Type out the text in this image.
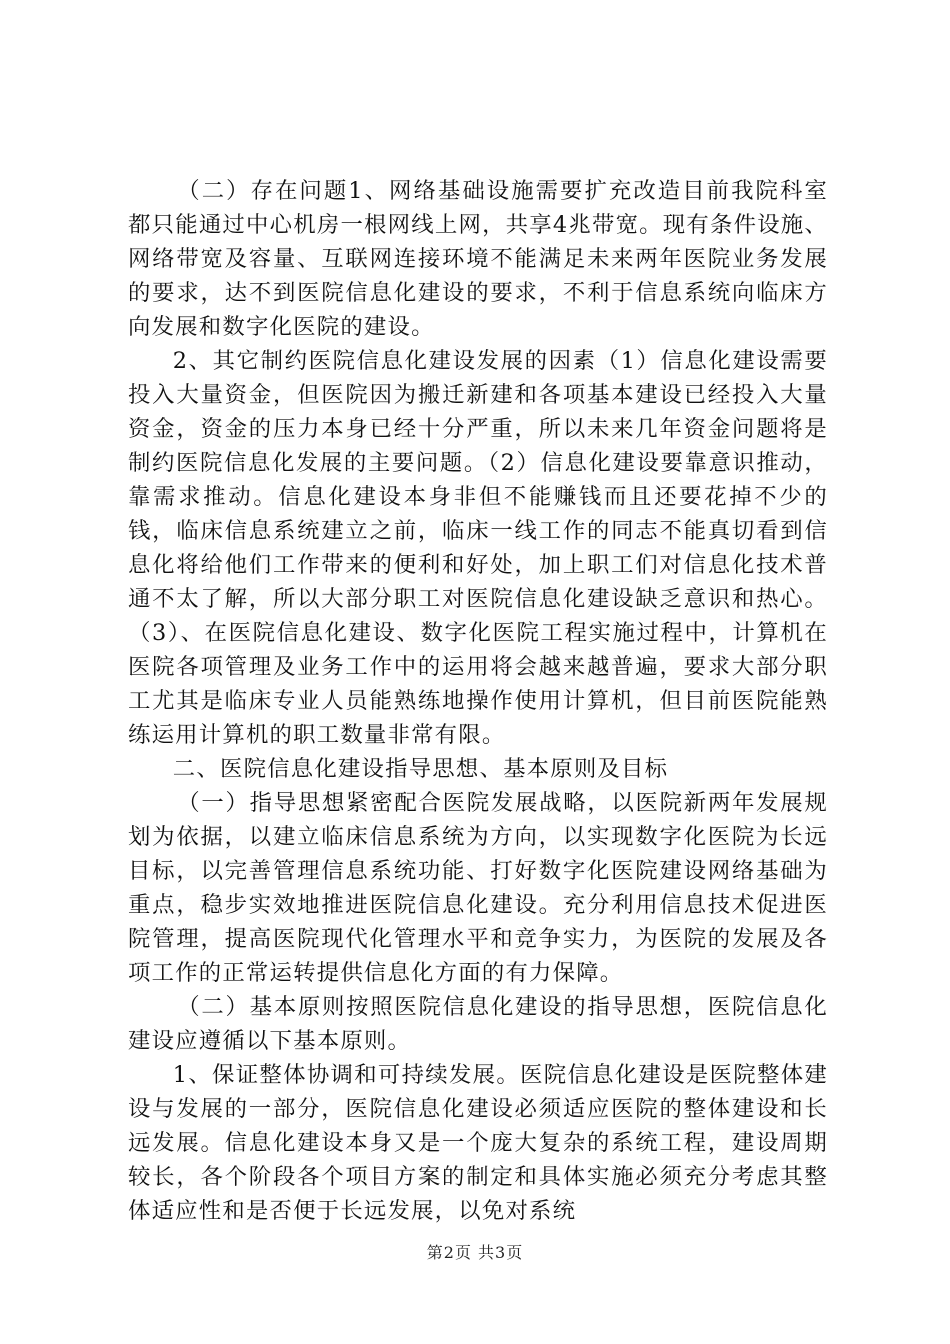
（二）存在问题1、网络基础设施需要扩充改造目前我院科室都只能通过中心机房一根网线上网，共享4兆带宽。现有条件设施、网络带宽及容量、互联网连接环境不能满足未来两年医院业务发展的要求，达不到医院信息化建设的要求，不利于信息系统向临床方向发展和数字化医院的建设。

2、其它制约医院信息化建设发展的因素（1）信息化建设需要投入大量资金，但医院因为搬迁新建和各项基本建设已经投入大量资金，资金的压力本身已经十分严重，所以未来几年资金问题将是制约医院信息化发展的主要问题。（2）信息化建设要靠意识推动，靠需求推动。信息化建设本身非但不能赚钱而且还要花掉不少的钱，临床信息系统建立之前，临床一线工作的同志不能真切看到信息化将给他们工作带来的便利和好处，加上职工们对信息化技术普通不太了解，所以大部分职工对医院信息化建设缺乏意识和热心。（3）、在医院信息化建设、数字化医院工程实施过程中，计算机在医院各项管理及业务工作中的运用将会越来越普遍，要求大部分职工尤其是临床专业人员能熟练地操作使用计算机，但目前医院能熟练运用计算机的职工数量非常有限。

二、医院信息化建设指导思想、基本原则及目标

（一）指导思想紧密配合医院发展战略，以医院新两年发展规划为依据，以建立临床信息系统为方向，以实现数字化医院为长远目标，以完善管理信息系统功能、打好数字化医院建设网络基础为重点，稳步实效地推进医院信息化建设。充分利用信息技术促进医院管理，提高医院现代化管理水平和竞争实力，为医院的发展及各项工作的正常运转提供信息化方面的有力保障。

（二）基本原则按照医院信息化建设的指导思想，医院信息化建设应遵循以下基本原则。

1、保证整体协调和可持续发展。医院信息化建设是医院整体建设与发展的一部分，医院信息化建设必须适应医院的整体建设和长远发展。信息化建设本身又是一个庞大复杂的系统工程，建设周期较长，各个阶段各个项目方案的制定和具体实施必须充分考虑其整体适应性和是否便于长远发展，以免对系统

第2页 共3页
